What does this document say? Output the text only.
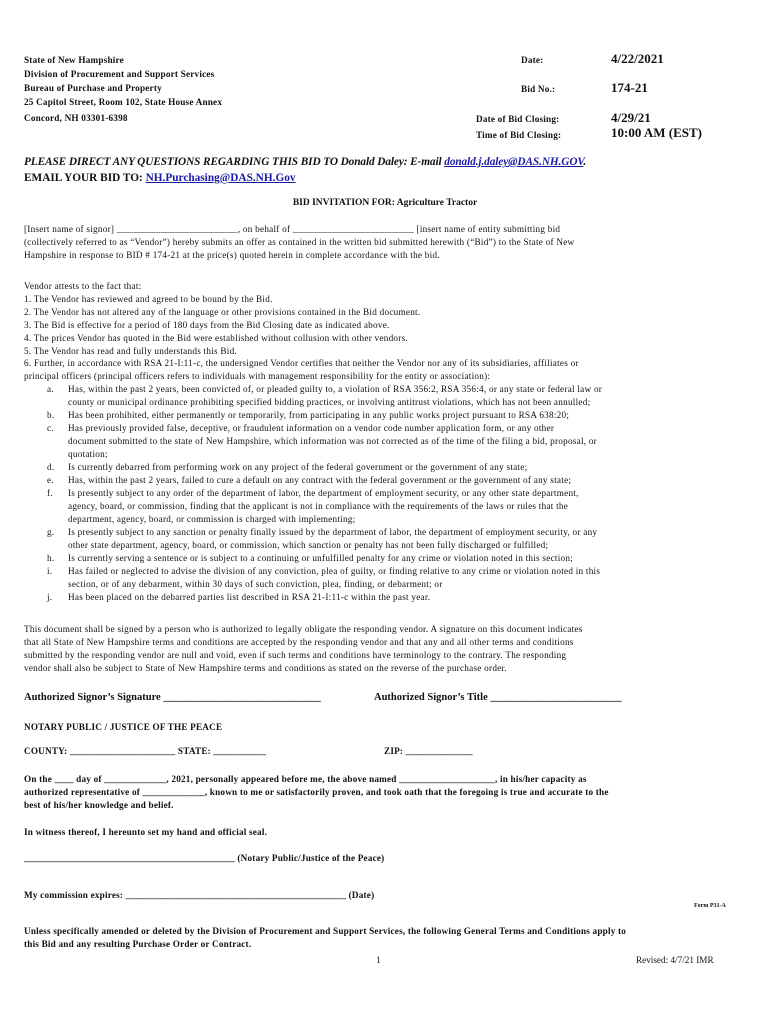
State of New Hampshire
Division of Procurement and Support Services
Bureau of Purchase and Property
25 Capitol Street, Room 102, State House Annex
Concord, NH 03301-6398
Date:	4/22/2021
Bid No.:	174-21
Date of Bid Closing:	4/29/21
Time of Bid Closing:	10:00 AM (EST)
PLEASE DIRECT ANY QUESTIONS REGARDING THIS BID TO Donald Daley: E-mail donald.j.daley@DAS.NH.GOV.
EMAIL YOUR BID TO: NH.Purchasing@DAS.NH.Gov
BID INVITATION FOR: Agriculture Tractor
[Insert name of signor] _________________________, on behalf of _________________________ [insert name of entity submitting bid
(collectively referred to as “Vendor”) hereby submits an offer as contained in the written bid submitted herewith (“Bid”) to the State of New
Hampshire in response to BID # 174-21 at the price(s) quoted herein in complete accordance with the bid.
Vendor attests to the fact that:
1. The Vendor has reviewed and agreed to be bound by the Bid.
2. The Vendor has not altered any of the language or other provisions contained in the Bid document.
3. The Bid is effective for a period of 180 days from the Bid Closing date as indicated above.
4. The prices Vendor has quoted in the Bid were established without collusion with other vendors.
5. The Vendor has read and fully understands this Bid.
6. Further, in accordance with RSA 21-I:11-c, the undersigned Vendor certifies that neither the Vendor nor any of its subsidiaries, affiliates or
principal officers (principal officers refers to individuals with management responsibility for the entity or association):
a. Has, within the past 2 years, been convicted of, or pleaded guilty to, a violation of RSA 356:2, RSA 356:4, or any state or federal law or
county or municipal ordinance prohibiting specified bidding practices, or involving antitrust violations, which has not been annulled;
b. Has been prohibited, either permanently or temporarily, from participating in any public works project pursuant to RSA 638:20;
c. Has previously provided false, deceptive, or fraudulent information on a vendor code number application form, or any other
document submitted to the state of New Hampshire, which information was not corrected as of the time of the filing a bid, proposal, or
quotation;
d. Is currently debarred from performing work on any project of the federal government or the government of any state;
e. Has, within the past 2 years, failed to cure a default on any contract with the federal government or the government of any state;
f. Is presently subject to any order of the department of labor, the department of employment security, or any other state department,
agency, board, or commission, finding that the applicant is not in compliance with the requirements of the laws or rules that the
department, agency, board, or commission is charged with implementing;
g. Is presently subject to any sanction or penalty finally issued by the department of labor, the department of employment security, or any
other state department, agency, board, or commission, which sanction or penalty has not been fully discharged or fulfilled;
h. Is currently serving a sentence or is subject to a continuing or unfulfilled penalty for any crime or violation noted in this section;
i. Has failed or neglected to advise the division of any conviction, plea of guilty, or finding relative to any crime or violation noted in this
section, or of any debarment, within 30 days of such conviction, plea, finding, or debarment; or
j. Has been placed on the debarred parties list described in RSA 21-I:11-c within the past year.
This document shall be signed by a person who is authorized to legally obligate the responding vendor. A signature on this document indicates
that all State of New Hampshire terms and conditions are accepted by the responding vendor and that any and all other terms and conditions
submitted by the responding vendor are null and void, even if such terms and conditions have terminology to the contrary. The responding
vendor shall also be subject to State of New Hampshire terms and conditions as stated on the reverse of the purchase order.
Authorized Signor’s Signature ______________________________	Authorized Signor’s Title _________________________
NOTARY PUBLIC / JUSTICE OF THE PEACE
COUNTY: ______________________ STATE: ___________	ZIP: ______________
On the ____ day of _____________, 2021, personally appeared before me, the above named ____________________, in his/her capacity as
authorized representative of _____________, known to me or satisfactorily proven, and took oath that the foregoing is true and accurate to the
best of his/her knowledge and belief.
In witness thereof, I hereunto set my hand and official seal.
____________________________________________ (Notary Public/Justice of the Peace)
My commission expires: ______________________________________________ (Date)
Form P31-A
Unless specifically amended or deleted by the Division of Procurement and Support Services, the following General Terms and Conditions apply to
this Bid and any resulting Purchase Order or Contract.
1	Revised: 4/7/21 IMR
